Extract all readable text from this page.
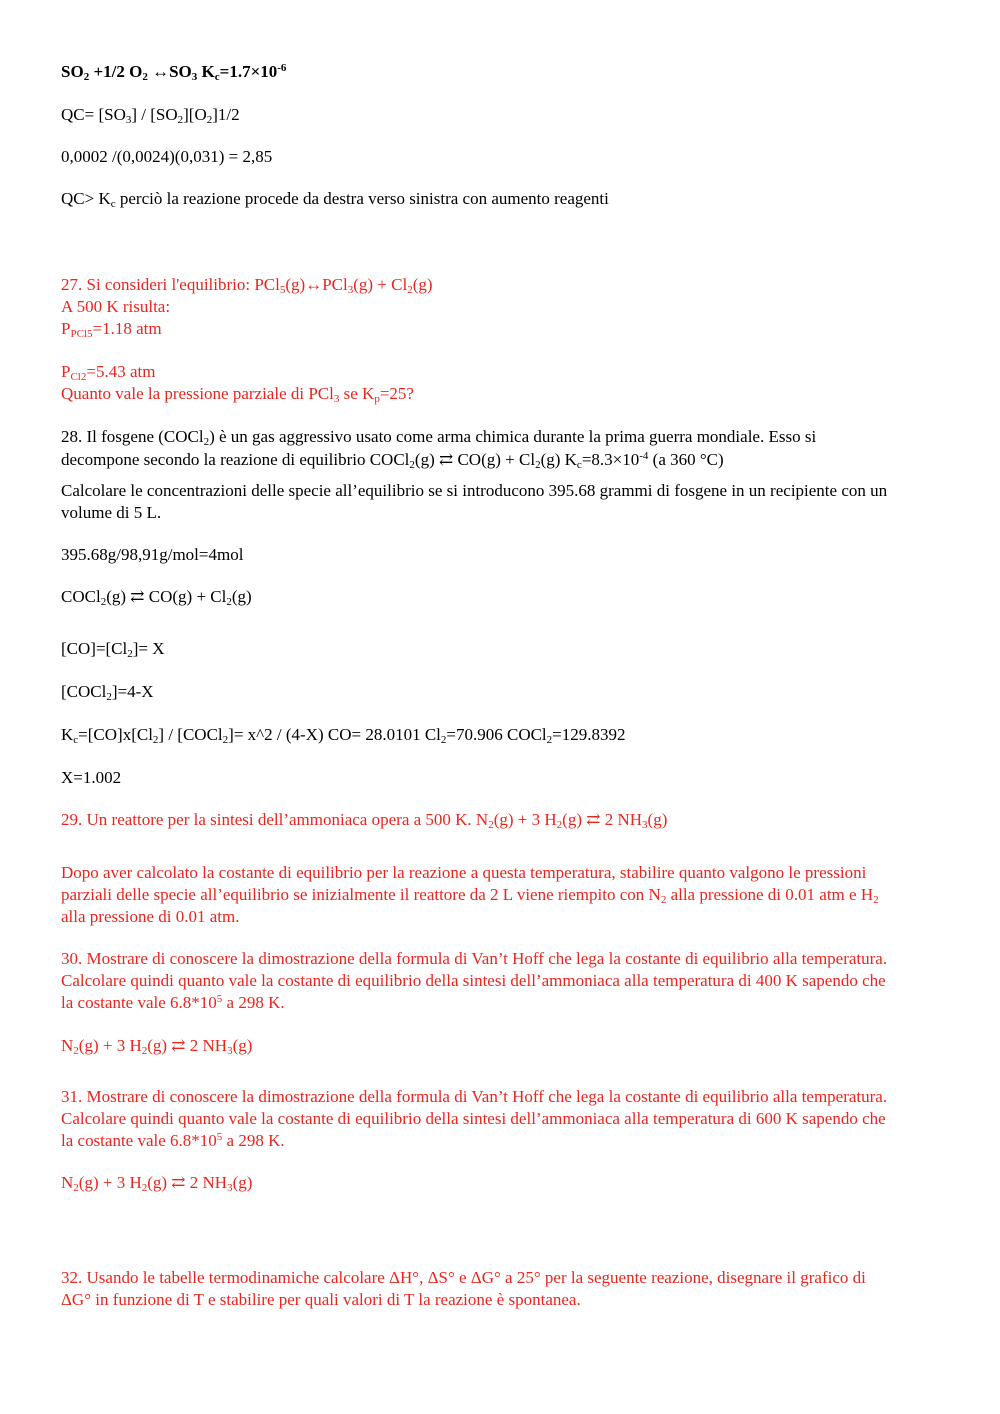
$SO_2 +1/2$ $O_2$ $\leftrightarrow SO_3$ $K_c=1.7\times 10^{-6}$
$QC= [SO_3] / [SO_2][O_2]1/2$
0,0002 /(0,0024)(0,031) = 2,85
$QC> K_c$ perciò la reazione procede da destra verso sinistra con aumento reagenti
27. Si consideri l'equilibrio: PCl$_5$(g)↔PCl$_3$(g) + $Cl_2(g)$
A 500 K risulta:
$P_{PCl5}=1.18$ atm
$P_{Cl2}=5.43$ atm
Quanto vale la pressione parziale di PCl$_3$ se $K_p=25$?
28. Il fosgene (COCl$_2$) è un gas aggressivo usato come arma chimica durante la prima guerra mondiale. Esso si
decompone secondo la reazione di equilibrio COCl$_2$(g) ⇄ $CO(g) + Cl_2(g)$ $K_c=8.3\times 10^{-4}$ (a 360 °C)
Calcolare le concentrazioni delle specie all’equilibrio se si introducono 395.68 grammi di fosgene in un recipiente con un
volume di 5 L.
395.68g/98,91g/mol=4mol
COCl$_2$(g) ⇄ $CO(g) + Cl_2(g)$
$[CO]=[Cl_2]= X$
[COCl$_2$]=4-X
$K_c=[CO]x[Cl_2]$ / [COCl$_2$]= x^2 / (4-X) CO= 28.0101 $Cl_2=70.906$ COCl$_2$=129.8392
X=1.002
29. Un reattore per la sintesi dell’ammoniaca opera a 500 K. $N_2(g) + 3$ $H_2(g)$ ⇄ 2 $NH_3(g)$
Dopo aver calcolato la costante di equilibrio per la reazione a questa temperatura, stabilire quanto valgono le pressioni
parziali delle specie all’equilibrio se inizialmente il reattore da 2 L viene riempito con $N_2$ alla pressione di 0.01 atm e $H_2$
alla pressione di 0.01 atm.
30. Mostrare di conoscere la dimostrazione della formula di Van’t Hoff che lega la costante di equilibrio alla temperatura.
Calcolare quindi quanto vale la costante di equilibrio della sintesi dell’ammoniaca alla temperatura di 400 K sapendo che
la costante vale $6.8*10^5$ a 298 K.
$N_2(g) + 3$ $H_2(g)$ ⇄ 2 $NH_3(g)$
31. Mostrare di conoscere la dimostrazione della formula di Van’t Hoff che lega la costante di equilibrio alla temperatura.
Calcolare quindi quanto vale la costante di equilibrio della sintesi dell’ammoniaca alla temperatura di 600 K sapendo che
la costante vale $6.8*10^5$ a 298 K.
$N_2(g) + 3$ $H_2(g)$ ⇄ 2 $NH_3(g)$
32. Usando le tabelle termodinamiche calcolare ΔH°, ΔS° e ΔG° a 25° per la seguente reazione, disegnare il grafico di
ΔG° in funzione di T e stabilire per quali valori di T la reazione è spontanea.
